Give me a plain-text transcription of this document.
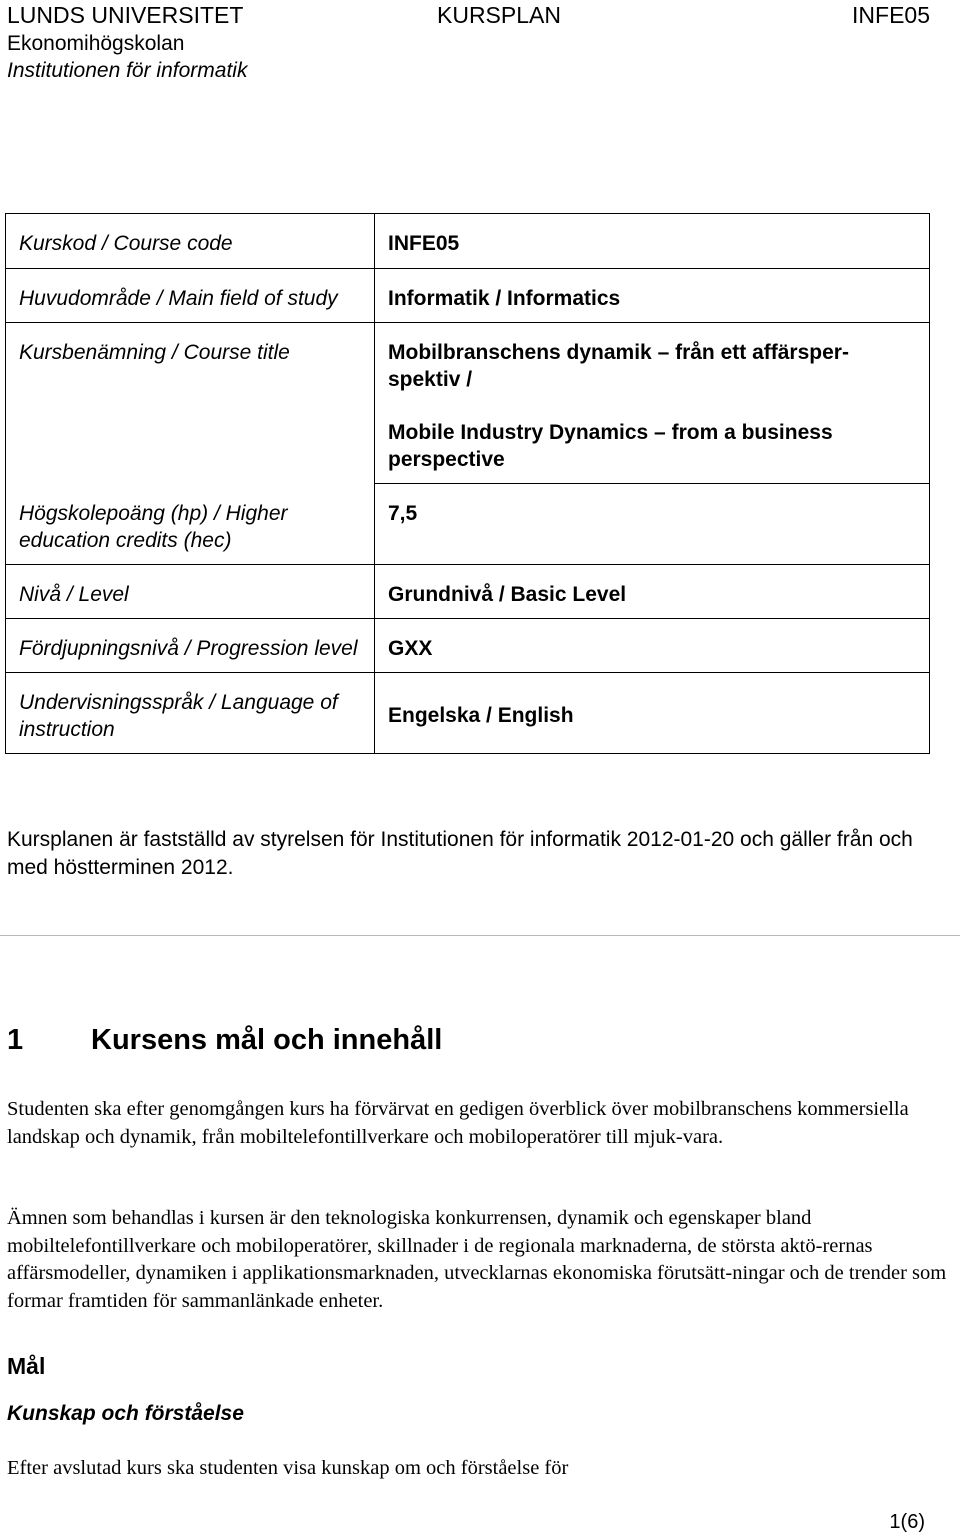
LUNDS UNIVERSITET	KURSPLAN	INFE05
Ekonomihögskolan
Institutionen för informatik
Kurskod / Course code	INFE05
Huvudområde / Main field of study	Informatik / Informatics
Kursbenämning / Course title	Mobilbranschens dynamik – från ett affärsper-spektiv /
Mobile Industry Dynamics – from a business perspective

Högskolepoäng (hp) / Higher education credits (hec)	7,5
Nivå / Level	Grundnivå / Basic Level
Fördjupningsnivå / Progression level	GXX
Undervisningsspråk / Language of instruction	Engelska / English
Kursplanen är fastställd av styrelsen för Institutionen för informatik 2012-01-20 och gäller från och med höstterminen 2012.
1 Kursens mål och innehåll
Studenten ska efter genomgången kurs ha förvärvat en gedigen överblick över mobilbranschens kommersiella landskap och dynamik, från mobiltelefontillverkare och mobiloperatörer till mjuk-vara.
Ämnen som behandlas i kursen är den teknologiska konkurrensen, dynamik och egenskaper bland mobiltelefontillverkare och mobiloperatörer, skillnader i de regionala marknaderna, de största aktö-rernas affärsmodeller, dynamiken i applikationsmarknaden, utvecklarnas ekonomiska förutsätt-ningar och de trender som formar framtiden för sammanlänkade enheter.
Mål
Kunskap och förståelse
Efter avslutad kurs ska studenten visa kunskap om och förståelse för
1(6)
